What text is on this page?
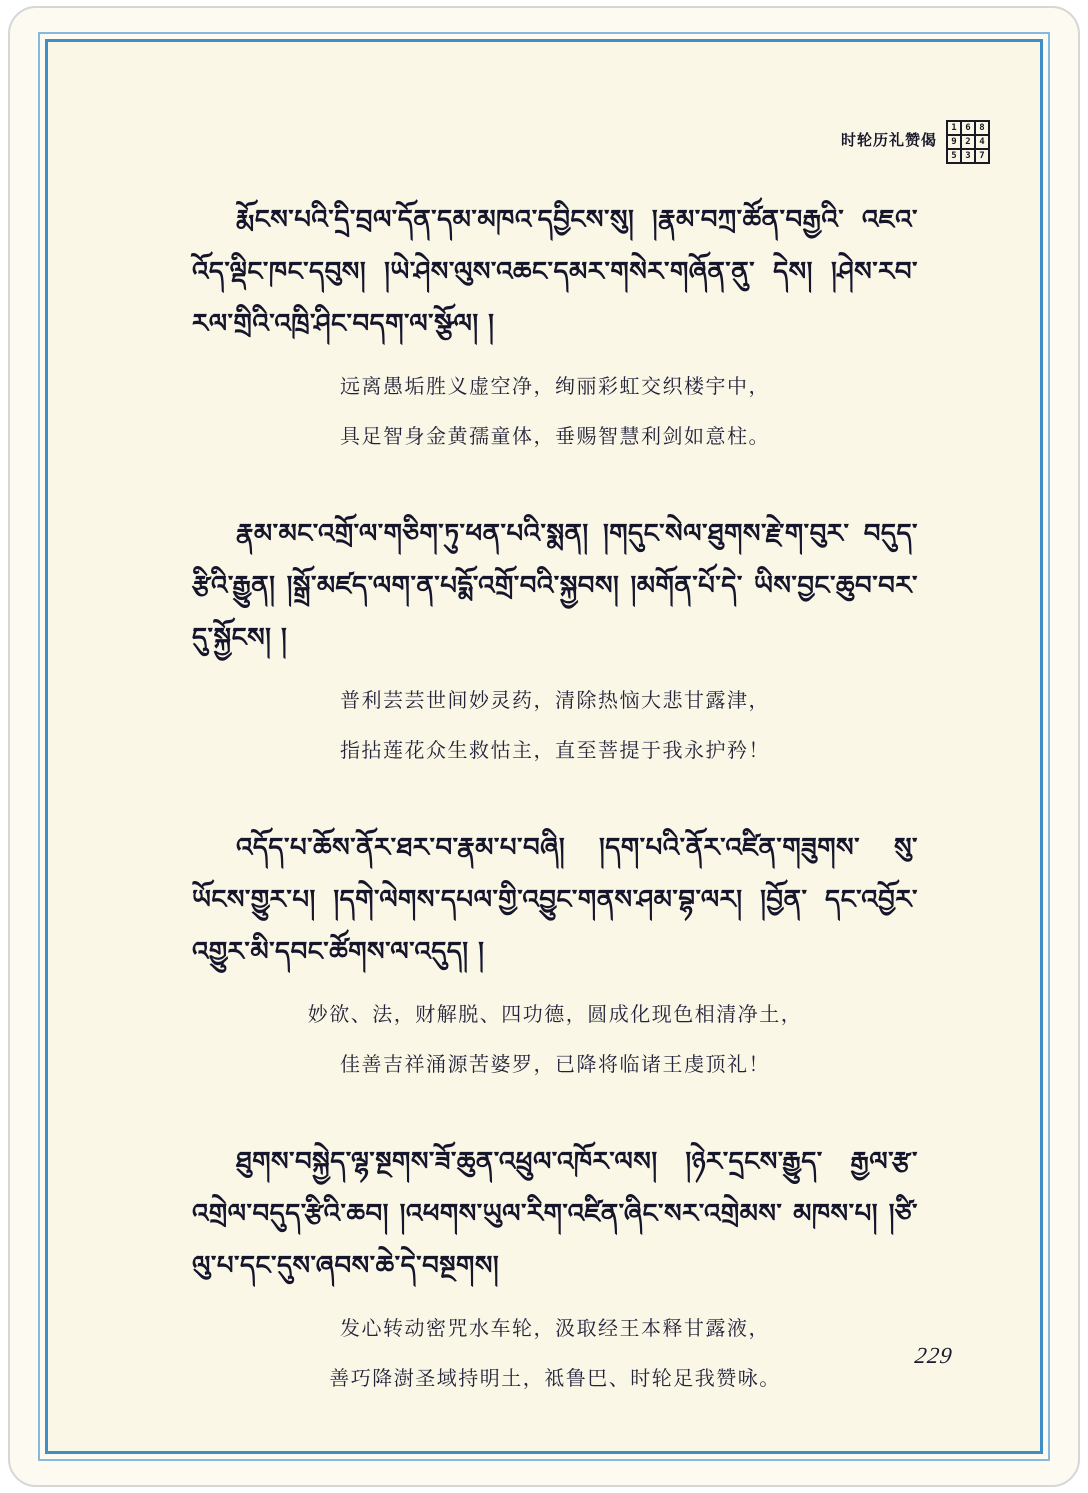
时轮历礼赞偈
1	6	8
9	2	4
5	3	7
རྨོངས་པའི་དྲི་བྲལ་དོན་དམ་མཁའ་དབྱིངས་སུ། །རྣམ་བཀྲ་ཚོན་བརྒྱའི་ འཇའ་འོད་ལྡིང་ཁང་དབུས། །ཡེ་ཤེས་ལུས་འཆང་དམར་གསེར་གཞོན་ནུ་ དེས། །ཤེས་རབ་རལ་གྲིའི་འཁྲི་ཤིང་བདག་ལ་སྩོལ། །
远离愚垢胜义虚空净，绚丽彩虹交织楼宇中，
具足智身金黄孺童体，垂赐智慧利剑如意柱。
རྣམ་མང་འགྲོ་ལ་གཅིག་ཏུ་ཕན་པའི་སྨན། །གདུང་སེལ་ཐུགས་རྗེ་ག་བུར་ བདུད་རྩིའི་རྒྱུན། །སྒྲོ་མཛད་ལག་ན་པདྨོ་འགྲོ་བའི་སྐྱབས། །མགོན་པོ་དེ་ ཡིས་བྱང་ཆུབ་བར་དུ་སྐྱོངས། །
普利芸芸世间妙灵药，清除热恼大悲甘露津，
指拈莲花众生救怙主，直至菩提于我永护矜！
འདོད་པ་ཆོས་ནོར་ཐར་བ་རྣམ་པ་བཞི། །དག་པའི་ནོར་འཛིན་གཟུགས་ སུ་ཡོངས་གྱུར་པ། །དགེ་ལེགས་དཔལ་གྱི་འབྱུང་གནས་ཤམ་བྷ་ལར། །བྱོན་ དང་འབྱོར་འགྱུར་མི་དབང་ཚོགས་ལ་འདུད། །
妙欲、法，财解脱、四功德，圆成化现色相清净土，
佳善吉祥涌源苦婆罗，已降将临诸王虔顶礼！
ཐུགས་བསྐྱེད་ལྷ་སྔགས་ཟོ་ཆུན་འཕྲུལ་འཁོར་ལས། །ཉེར་དྲངས་རྒྱུད་ རྒྱལ་རྩ་འགྲེལ་བདུད་རྩིའི་ཆབ། །འཕགས་ཡུལ་རིག་འཛིན་ཞིང་སར་འགྲེམས་ མཁས་པ། །ཙི་ལུ་པ་དང་དུས་ཞབས་ཆེ་དེ་བསྔགས།
发心转动密咒水车轮，汲取经王本释甘露液，
善巧降澍圣域持明土，祗鲁巴、时轮足我赞咏。
229
